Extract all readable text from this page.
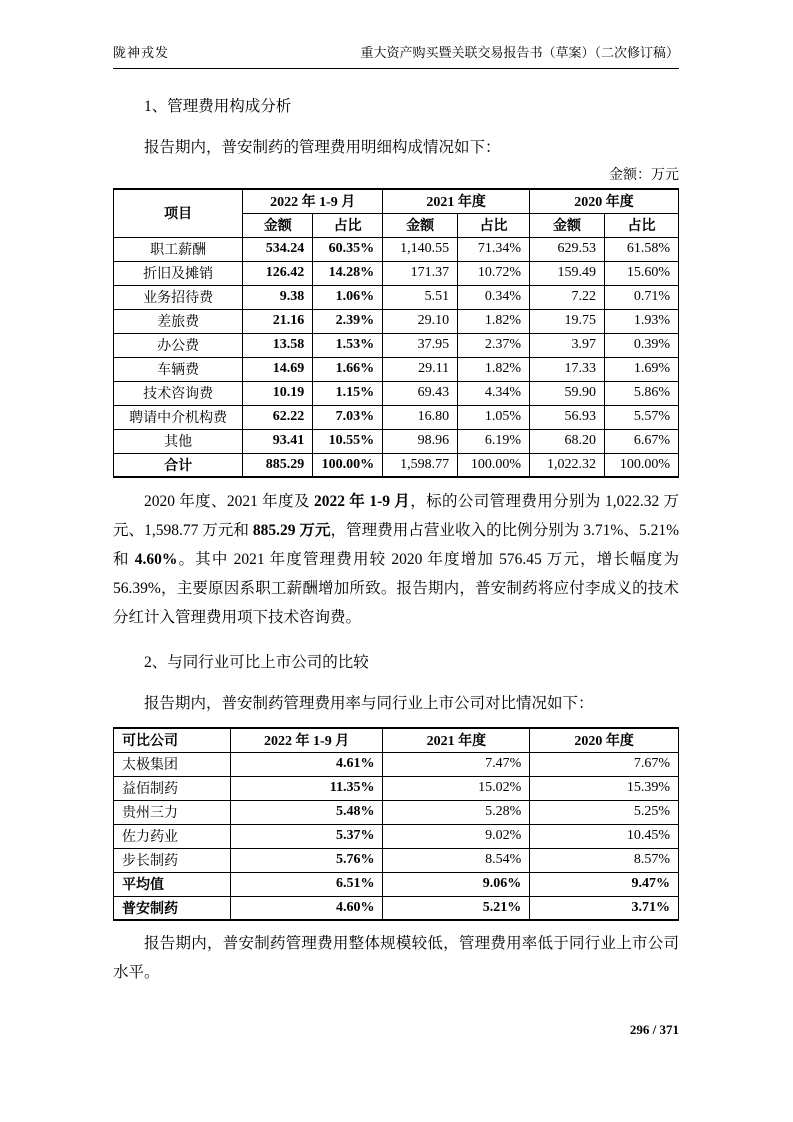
陇神戎发	重大资产购买暨关联交易报告书（草案）（二次修订稿）
1、管理费用构成分析
报告期内，普安制药的管理费用明细构成情况如下：
金额：万元
项目	2022 年 1-9 月		2021 年度		2020 年度	
	金额	占比	金额	占比	金额	占比
职工薪酬	534.24	60.35%	1,140.55	71.34%	629.53	61.58%
折旧及摊销	126.42	14.28%	171.37	10.72%	159.49	15.60%
业务招待费	9.38	1.06%	5.51	0.34%	7.22	0.71%
差旅费	21.16	2.39%	29.10	1.82%	19.75	1.93%
办公费	13.58	1.53%	37.95	2.37%	3.97	0.39%
车辆费	14.69	1.66%	29.11	1.82%	17.33	1.69%
技术咨询费	10.19	1.15%	69.43	4.34%	59.90	5.86%
聘请中介机构费	62.22	7.03%	16.80	1.05%	56.93	5.57%
其他	93.41	10.55%	98.96	6.19%	68.20	6.67%
合计	885.29	100.00%	1,598.77	100.00%	1,022.32	100.00%

2020 年度、2021 年度及 2022 年 1-9 月，标的公司管理费用分别为 1,022.32 万元、1,598.77 万元和 885.29 万元，管理费用占营业收入的比例分别为 3.71%、5.21%和 4.60%。其中 2021 年度管理费用较 2020 年度增加 576.45 万元，增长幅度为 56.39%，主要原因系职工薪酬增加所致。报告期内，普安制药将应付李成义的技术分红计入管理费用项下技术咨询费。

2、与同行业可比上市公司的比较
报告期内，普安制药管理费用率与同行业上市公司对比情况如下：
可比公司	2022 年 1-9 月	2021 年度	2020 年度
太极集团	4.61%	7.47%	7.67%
益佰制药	11.35%	15.02%	15.39%
贵州三力	5.48%	5.28%	5.25%
佐力药业	5.37%	9.02%	10.45%
步长制药	5.76%	8.54%	8.57%
平均值	6.51%	9.06%	9.47%
普安制药	4.60%	5.21%	3.71%

报告期内，普安制药管理费用整体规模较低，管理费用率低于同行业上市公司水平。

296 / 371
